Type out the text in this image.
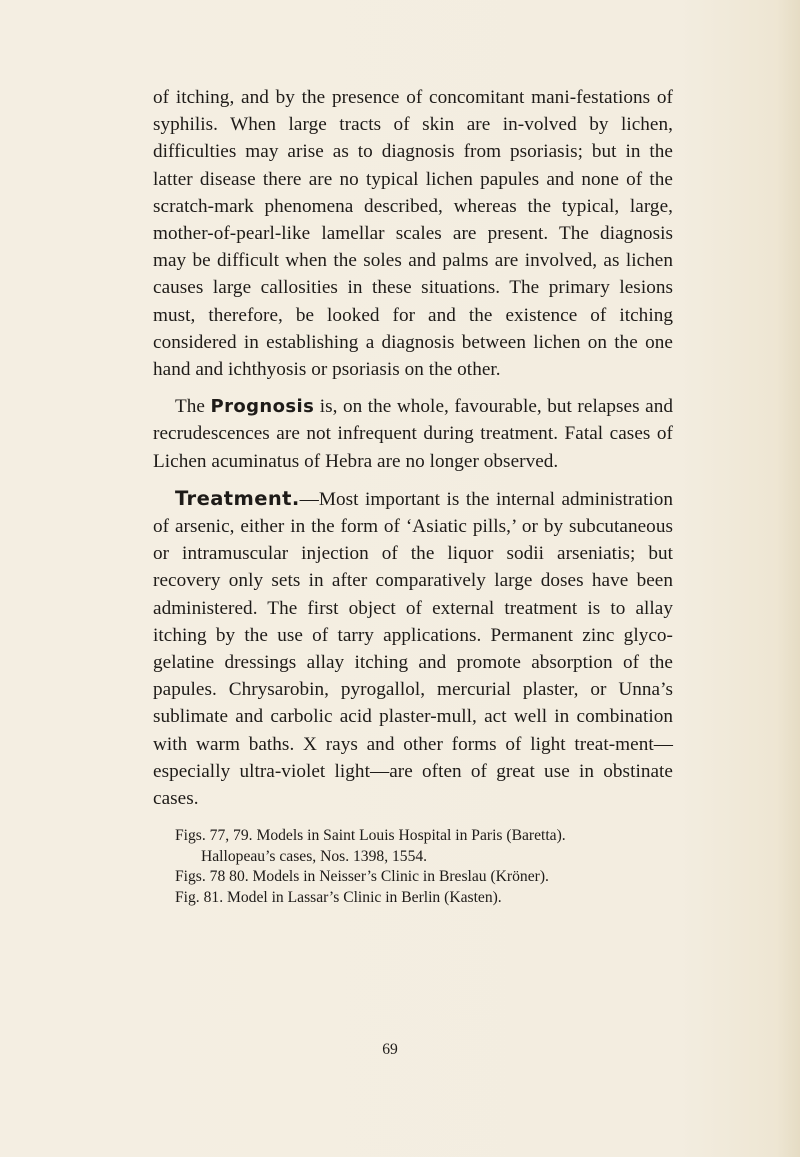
of itching, and by the presence of concomitant mani-festations of syphilis. When large tracts of skin are in-volved by lichen, difficulties may arise as to diagnosis from psoriasis; but in the latter disease there are no typical lichen papules and none of the scratch-mark phenomena described, whereas the typical, large, mother-of-pearl-like lamellar scales are present. The diagnosis may be difficult when the soles and palms are involved, as lichen causes large callosities in these situations. The primary lesions must, therefore, be looked for and the existence of itching considered in establishing a diagnosis between lichen on the one hand and ichthyosis or psoriasis on the other.

The Prognosis is, on the whole, favourable, but relapses and recrudescences are not infrequent during treatment. Fatal cases of Lichen acuminatus of Hebra are no longer observed.

Treatment.—Most important is the internal administration of arsenic, either in the form of ‘Asiatic pills,’ or by subcutaneous or intramuscular injection of the liquor sodii arseniatis; but recovery only sets in after comparatively large doses have been administered. The first object of external treatment is to allay itching by the use of tarry applications. Permanent zinc glyco-gelatine dressings allay itching and promote absorption of the papules. Chrysarobin, pyrogallol, mercurial plaster, or Unna’s sublimate and carbolic acid plaster-mull, act well in combination with warm baths. X rays and other forms of light treat-ment—especially ultra-violet light—are often of great use in obstinate cases.

Figs. 77, 79. Models in Saint Louis Hospital in Paris (Baretta).
Hallopeau’s cases, Nos. 1398, 1554.
Figs. 78 80. Models in Neisser’s Clinic in Breslau (Kröner).
Fig. 81. Model in Lassar’s Clinic in Berlin (Kasten).
69
